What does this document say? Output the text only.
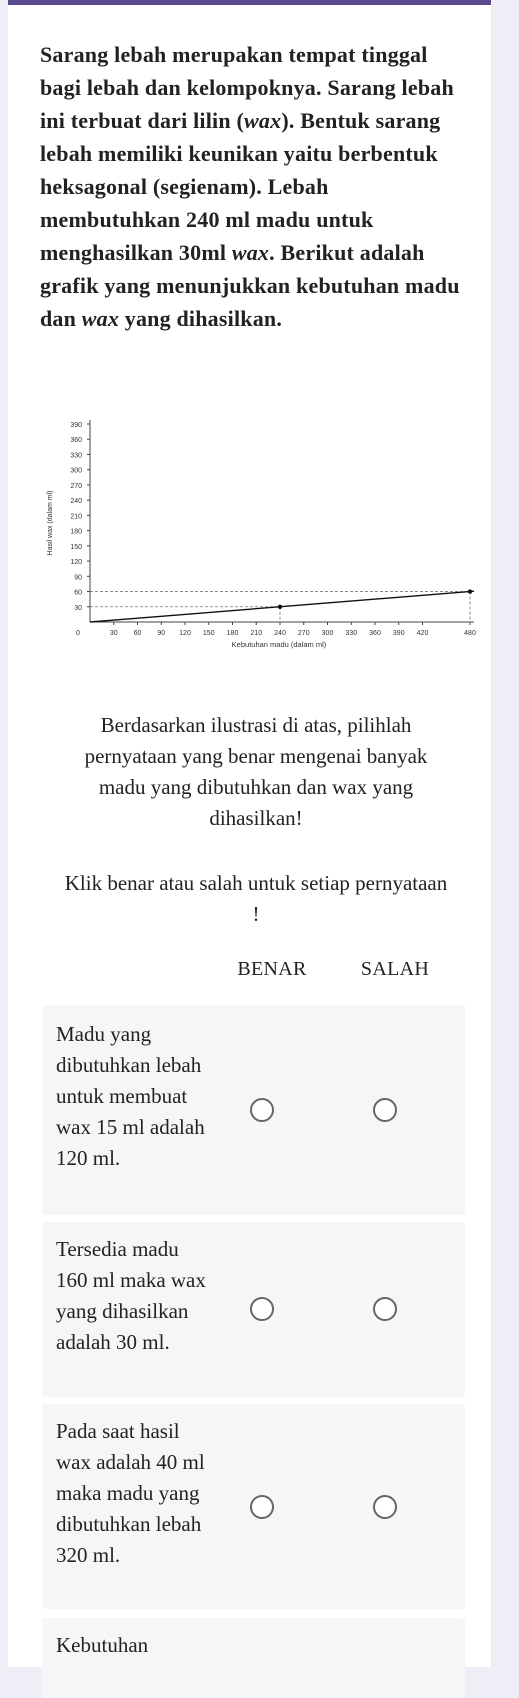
Sarang lebah merupakan tempat tinggal bagi lebah dan kelompoknya. Sarang lebah ini terbuat dari lilin (wax). Bentuk sarang lebah memiliki keunikan yaitu berbentuk heksagonal (segienam). Lebah membutuhkan 240 ml madu untuk menghasilkan 30ml wax. Berikut adalah grafik yang menunjukkan kebutuhan madu dan wax yang dihasilkan.
30
60
90
120
150
180
210
240
270
300
330
360
390
0	30 60 90 120 150 180 210 240 270 300 330 360 390 420	480
Kebutuhan madu (dalam ml)
Hasil wax (dalam ml)
Berdasarkan ilustrasi di atas, pilihlah pernyataan yang benar mengenai banyak madu yang dibutuhkan dan wax yang dihasilkan!
Klik benar atau salah untuk setiap pernyataan !
BENAR	SALAH
Madu yang dibutuhkan lebah untuk membuat wax 15 ml adalah 120 ml.
Tersedia madu 160 ml maka wax yang dihasilkan adalah 30 ml.
Pada saat hasil wax adalah 40 ml maka madu yang dibutuhkan lebah 320 ml.
Kebutuhan
